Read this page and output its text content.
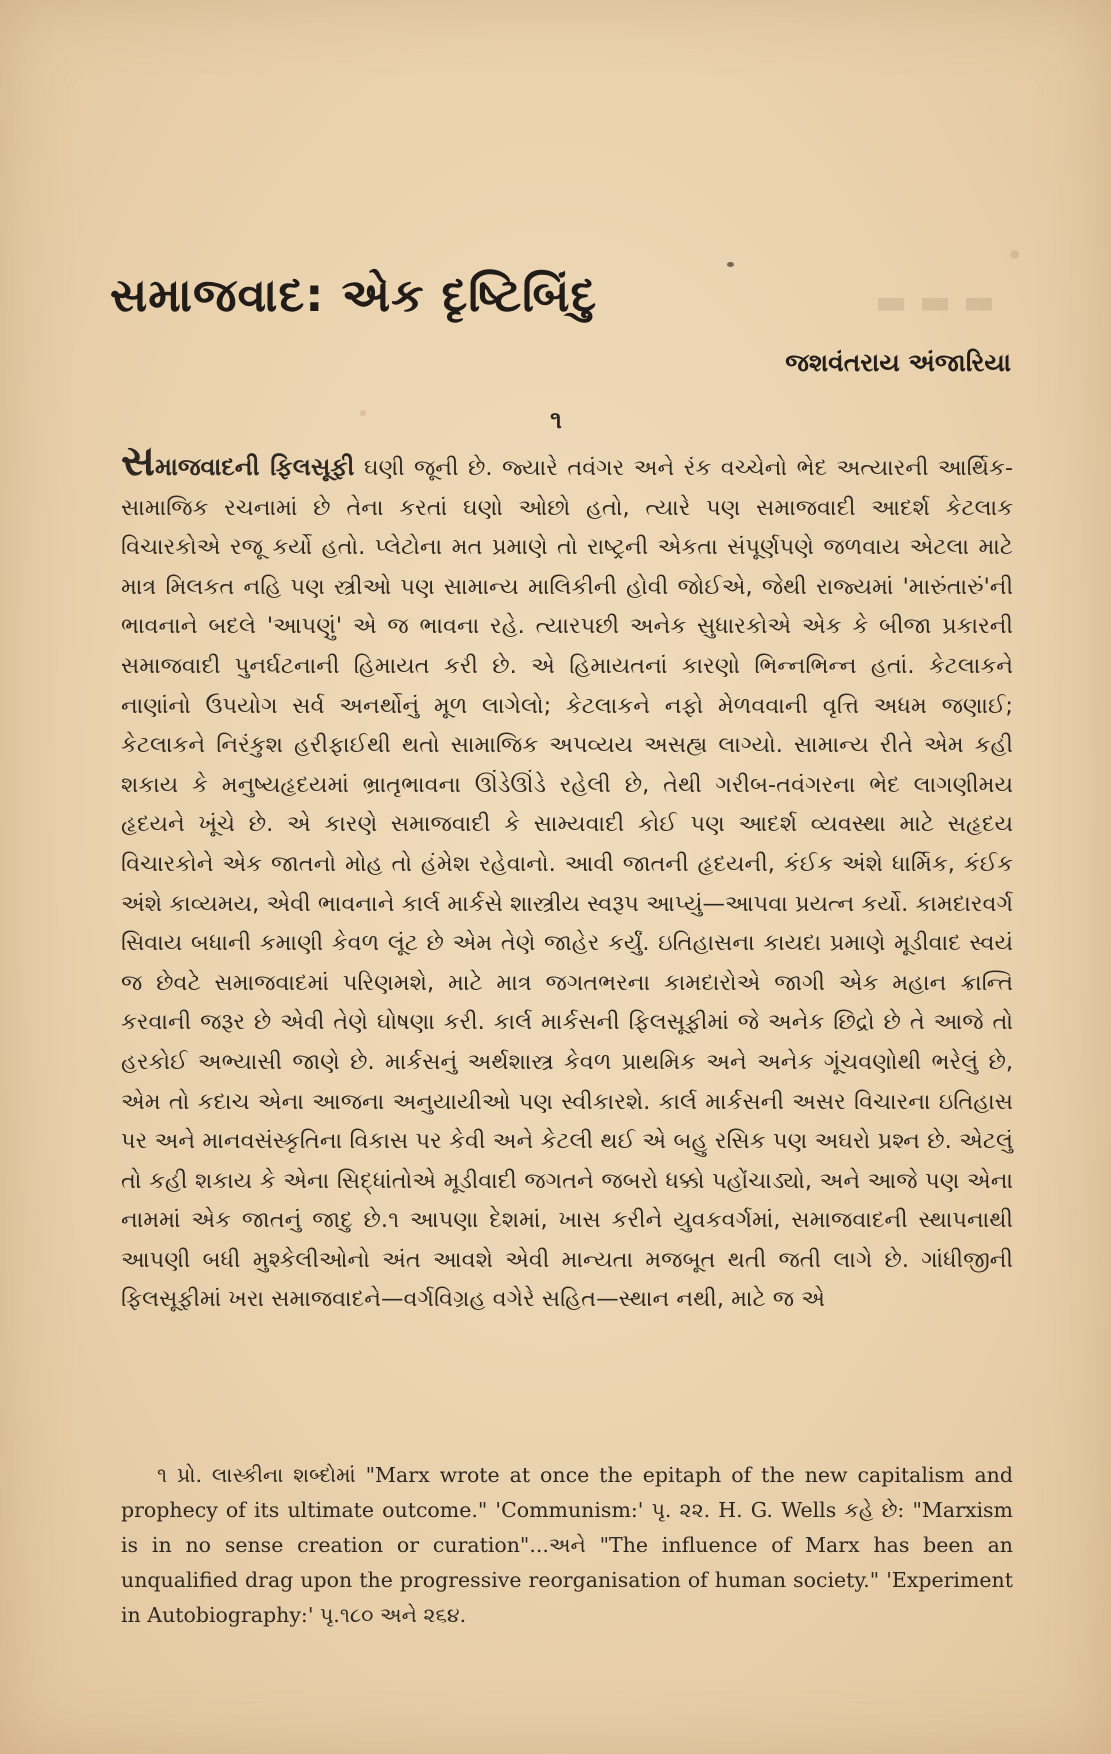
સમાજવાદ: એક દૃષ્ટિબિંદુ	▬ ▬ ▬
જશવંતરાય અંજારિયા
૧

સમાજવાદની ફિલસૂફી ઘણી જૂની છે. જ્યારે તવંગર અને રંક વચ્ચેનો ભેદ અત્યારની આર્થિક-સામાજિક રચનામાં છે તેના કરતાં ઘણો ઓછો હતો, ત્યારે પણ સમાજવાદી આદર્શ કેટલાક વિચારકોએ રજૂ કર્યો હતો. પ્લેટોના મત પ્રમાણે તો રાષ્ટ્રની એકતા સંપૂર્ણપણે જળવાય એટલા માટે માત્ર મિલકત નહિ પણ સ્ત્રીઓ પણ સામાન્ય માલિકીની હોવી જોઈએ, જેથી રાજ્યમાં 'મારુંતારું'ની ભાવનાને બદલે 'આપણું' એ જ ભાવના રહે. ત્યારપછી અનેક સુધારકોએ એક કે બીજા પ્રકારની સમાજવાદી પુનર્ઘટનાની હિમાયત કરી છે. એ હિમાયતનાં કારણો ભિન્નભિન્ન હતાં. કેટલાકને નાણાંનો ઉપયોગ સર્વ અનર્થોનું મૂળ લાગેલો; કેટલાકને નફો મેળવવાની વૃત્તિ અધમ જણાઈ; કેટલાકને નિરંકુશ હરીફાઈથી થતો સામાજિક અપવ્યય અસહ્ય લાગ્યો. સામાન્ય રીતે એમ કહી શકાય કે મનુષ્યહૃદયમાં ભ્રાતૃભાવના ઊંડેઊંડે રહેલી છે, તેથી ગરીબ-તવંગરના ભેદ લાગણીમય હૃદયને ખૂંચે છે. એ કારણે સમાજવાદી કે સામ્યવાદી કોઈ પણ આદર્શ વ્યવસ્થા માટે સહૃદય વિચારકોને એક જાતનો મોહ તો હંમેશ રહેવાનો. આવી જાતની હૃદયની, કંઈક અંશે ધાર્મિક, કંઈક અંશે કાવ્યમય, એવી ભાવનાને કાર્લ માર્કસે શાસ્ત્રીય સ્વરૂપ આપ્યું—આપવા પ્રયત્ન કર્યો. કામદારવર્ગ સિવાય બધાની કમાણી કેવળ લૂંટ છે એમ તેણે જાહેર કર્યું. ઇતિહાસના કાયદા પ્રમાણે મૂડીવાદ સ્વયં જ છેવટે સમાજવાદમાં પરિણમશે, માટે માત્ર જગતભરના કામદારોએ જાગી એક મહાન ક્રાન્તિ કરવાની જરૂર છે એવી તેણે ઘોષણા કરી. કાર્લ માર્કસની ફિલસૂફીમાં જે અનેક છિદ્રો છે તે આજે તો હરકોઈ અભ્યાસી જાણે છે. માર્કસનું અર્થશાસ્ત્ર કેવળ પ્રાથમિક અને અનેક ગૂંચવણોથી ભરેલું છે, એમ તો કદાચ એના આજના અનુયાયીઓ પણ સ્વીકારશે. કાર્લ માર્કસની અસર વિચારના ઇતિહાસ પર અને માનવસંસ્કૃતિના વિકાસ પર કેવી અને કેટલી થઈ એ બહુ રસિક પણ અઘરો પ્રશ્ન છે. એટલું તો કહી શકાય કે એના સિદ્ધાંતોએ મૂડીવાદી જગતને જબરો ધક્કો પહોંચાડ્યો, અને આજે પણ એના નામમાં એક જાતનું જાદુ છે.૧ આપણા દેશમાં, ખાસ કરીને યુવકવર્ગમાં, સમાજવાદની સ્થાપનાથી આપણી બધી મુશ્કેલીઓનો અંત આવશે એવી માન્યતા મજબૂત થતી જતી લાગે છે. ગાંધીજીની ફિલસૂફીમાં ખરા સમાજવાદને—વર્ગવિગ્રહ વગેરે સહિત—સ્થાન નથી, માટે જ એ

૧ પ્રો. લાસ્કીના શબ્દોમાં "Marx wrote at once the epitaph of the new capitalism and prophecy of its ultimate outcome." 'Communism:' પૃ. ૨૨. H. G. Wells કહે છે: "Marxism is in no sense creation or curation"...અને "The influence of Marx has been an unqualified drag upon the progressive reorganisation of human society." 'Experiment in Autobiography:' પૃ.૧૮૦ અને ૨૬૪.
